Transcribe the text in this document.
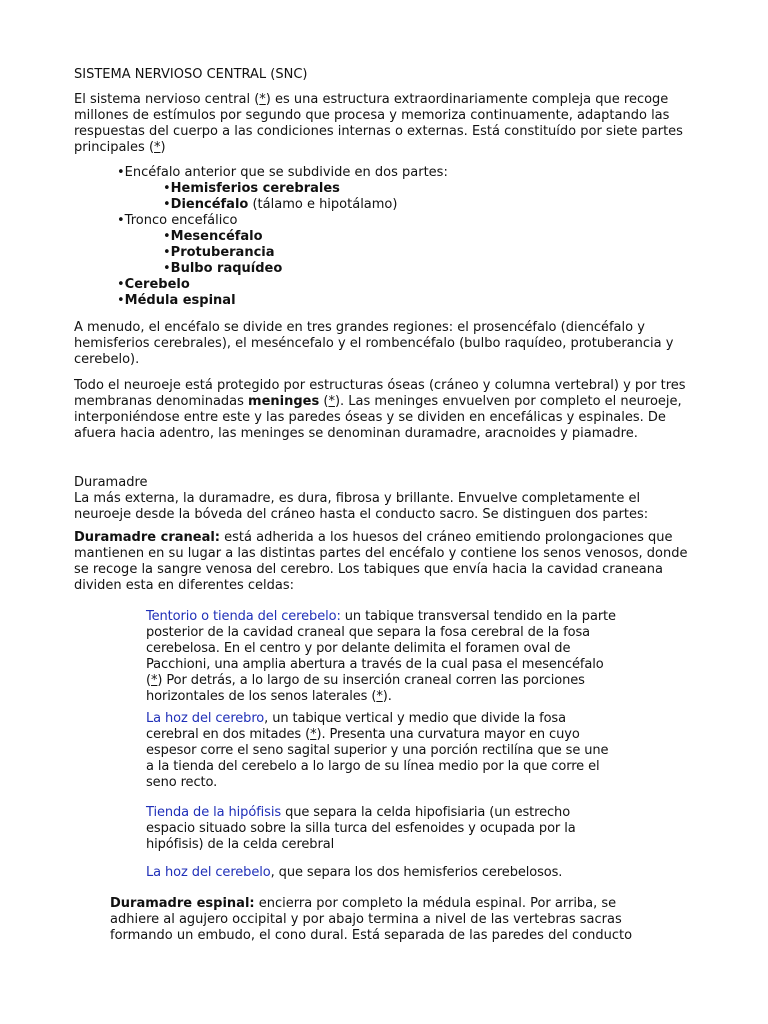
SISTEMA NERVIOSO CENTRAL (SNC)

El sistema nervioso central (*) es una estructura extraordinariamente compleja que recoge
millones de estímulos por segundo que procesa y memoriza continuamente, adaptando las
respuestas del cuerpo a las condiciones internas o externas. Está constituído por siete partes
principales (*)
•Encéfalo anterior que se subdivide en dos partes:
•Hemisferios cerebrales
•Diencéfalo (tálamo e hipotálamo)
•Tronco encefálico
•Mesencéfalo
•Protuberancia
•Bulbo raquídeo
•Cerebelo
•Médula espinal
A menudo, el encéfalo se divide en tres grandes regiones: el prosencéfalo (diencéfalo y
hemisferios cerebrales), el meséncefalo y el rombencéfalo (bulbo raquídeo, protuberancia y
cerebelo).
Todo el neuroeje está protegido por estructuras óseas (cráneo y columna vertebral) y por tres
membranas denominadas meninges (*). Las meninges envuelven por completo el neuroeje,
interponiéndose entre este y las paredes óseas y se dividen en encefálicas y espinales. De
afuera hacia adentro, las meninges se denominan duramadre, aracnoides y piamadre.
Duramadre
La más externa, la duramadre, es dura, fibrosa y brillante. Envuelve completamente el
neuroeje desde la bóveda del cráneo hasta el conducto sacro. Se distinguen dos partes:
Duramadre craneal: está adherida a los huesos del cráneo emitiendo prolongaciones que
mantienen en su lugar a las distintas partes del encéfalo y contiene los senos venosos, donde
se recoge la sangre venosa del cerebro. Los tabiques que envía hacia la cavidad craneana
dividen esta en diferentes celdas:
Tentorio o tienda del cerebelo: un tabique transversal tendido en la parte
posterior de la cavidad craneal que separa la fosa cerebral de la fosa
cerebelosa. En el centro y por delante delimita el foramen oval de
Pacchioni, una amplia abertura a través de la cual pasa el mesencéfalo
(*) Por detrás, a lo largo de su inserción craneal corren las porciones
horizontales de los senos laterales (*).
La hoz del cerebro, un tabique vertical y medio que divide la fosa
cerebral en dos mitades (*). Presenta una curvatura mayor en cuyo
espesor corre el seno sagital superior y una porción rectilína que se une
a la tienda del cerebelo a lo largo de su línea medio por la que corre el
seno recto.
Tienda de la hipófisis que separa la celda hipofisiaria (un estrecho
espacio situado sobre la silla turca del esfenoides y ocupada por la
hipófisis) de la celda cerebral
La hoz del cerebelo, que separa los dos hemisferios cerebelosos.
Duramadre espinal: encierra por completo la médula espinal. Por arriba, se
adhiere al agujero occipital y por abajo termina a nivel de las vertebras sacras
formando un embudo, el cono dural. Está separada de las paredes del conducto
